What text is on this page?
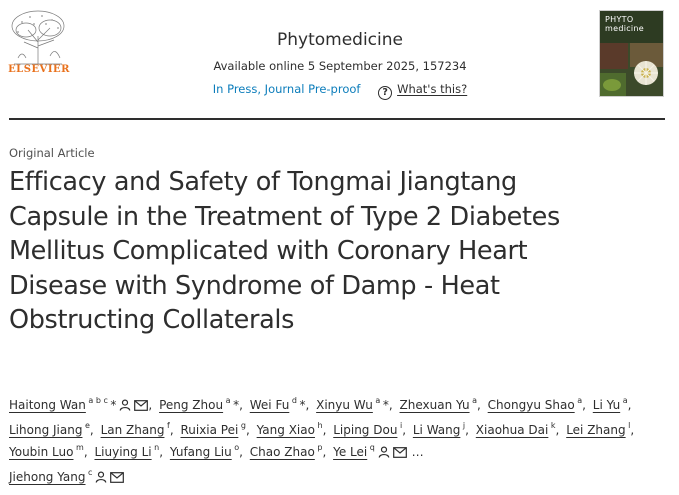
ELSEVIER
Phytomedicine
Available online 5 September 2025, 157234
In Press, Journal Pre-proof ? What's this?
PHYTO
medicine
Original Article
Efficacy and Safety of Tongmai Jiangtang
Capsule in the Treatment of Type 2 Diabetes
Mellitus Complicated with Coronary Heart
Disease with Syndrome of Damp - Heat
Obstructing Collaterals
Haitong Wan $^{a b c}$ *	, Peng Zhou $^a$ *, Wei Fu $^d$ *, Xinyu Wu $^a$ *, Zhexuan Yu $^a$, Chongyu Shao $^a$, Li Yu $^a$, Lihong Jiang $^e$, Lan Zhang $^f$, Ruixia Pei $^g$, Yang Xiao $^h$, Liping Dou $^i$, Li Wang $^j$, Xiaohua Dai $^k$, Lei Zhang $^l$, Youbin Luo $^m$, Liuying Li $^n$, Yufang Liu $^o$, Chao Zhao $^p$, Ye Lei $^q$	…
Jiehong Yang $^c$
